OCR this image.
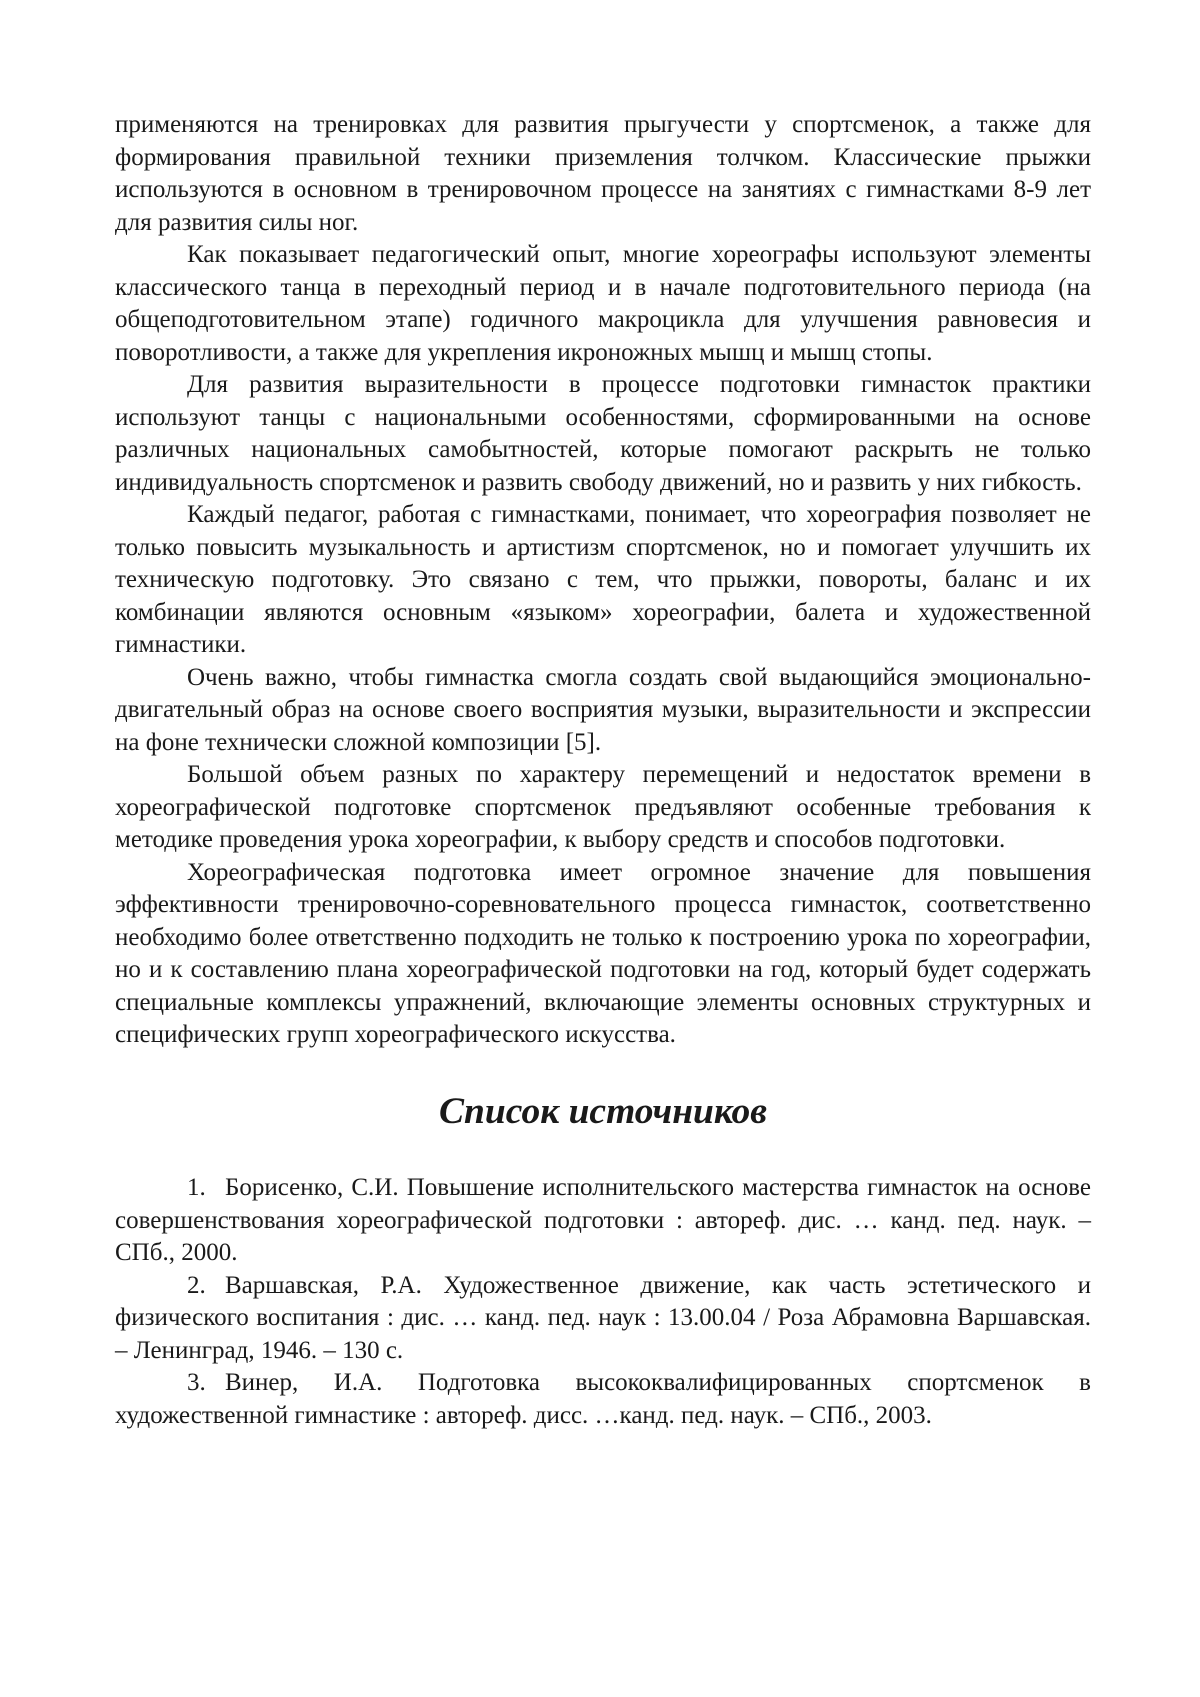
применяются на тренировках для развития прыгучести у спортсменок, а также для формирования правильной техники приземления толчком. Классические прыжки используются в основном в тренировочном процессе на занятиях с гимнастками 8-9 лет для развития силы ног.

Как показывает педагогический опыт, многие хореографы используют элементы классического танца в переходный период и в начале подготовительного периода (на общеподготовительном этапе) годичного макроцикла для улучшения равновесия и поворотливости, а также для укрепления икроножных мышц и мышц стопы.

Для развития выразительности в процессе подготовки гимнасток практики используют танцы с национальными особенностями, сформированными на основе различных национальных самобытностей, которые помогают раскрыть не только индивидуальность спортсменок и развить свободу движений, но и развить у них гибкость.

Каждый педагог, работая с гимнастками, понимает, что хореография позволяет не только повысить музыкальность и артистизм спортсменок, но и помогает улучшить их техническую подготовку. Это связано с тем, что прыжки, повороты, баланс и их комбинации являются основным «языком» хореографии, балета и художественной гимнастики.

Очень важно, чтобы гимнастка смогла создать свой выдающийся эмоционально-двигательный образ на основе своего восприятия музыки, выразительности и экспрессии на фоне технически сложной композиции [5].

Большой объем разных по характеру перемещений и недостаток времени в хореографической подготовке спортсменок предъявляют особенные требования к методике проведения урока хореографии, к выбору средств и способов подготовки.

Хореографическая подготовка имеет огромное значение для повышения эффективности тренировочно-соревновательного процесса гимнасток, соответственно необходимо более ответственно подходить не только к построению урока по хореографии, но и к составлению плана хореографической подготовки на год, который будет содержать специальные комплексы упражнений, включающие элементы основных структурных и специфических групп хореографического искусства.

Список источников

1. Борисенко, С.И. Повышение исполнительского мастерства гимнасток на основе совершенствования хореографической подготовки : автореф. дис. … канд. пед. наук. – СПб., 2000.

2. Варшавская, Р.А. Художественное движение, как часть эстетического и физического воспитания : дис. … канд. пед. наук : 13.00.04 / Роза Абрамовна Варшавская. – Ленинград, 1946. – 130 с.

3. Винер, И.А. Подготовка высококвалифицированных спортсменок в художественной гимнастике : автореф. дисс. …канд. пед. наук. – СПб., 2003.
